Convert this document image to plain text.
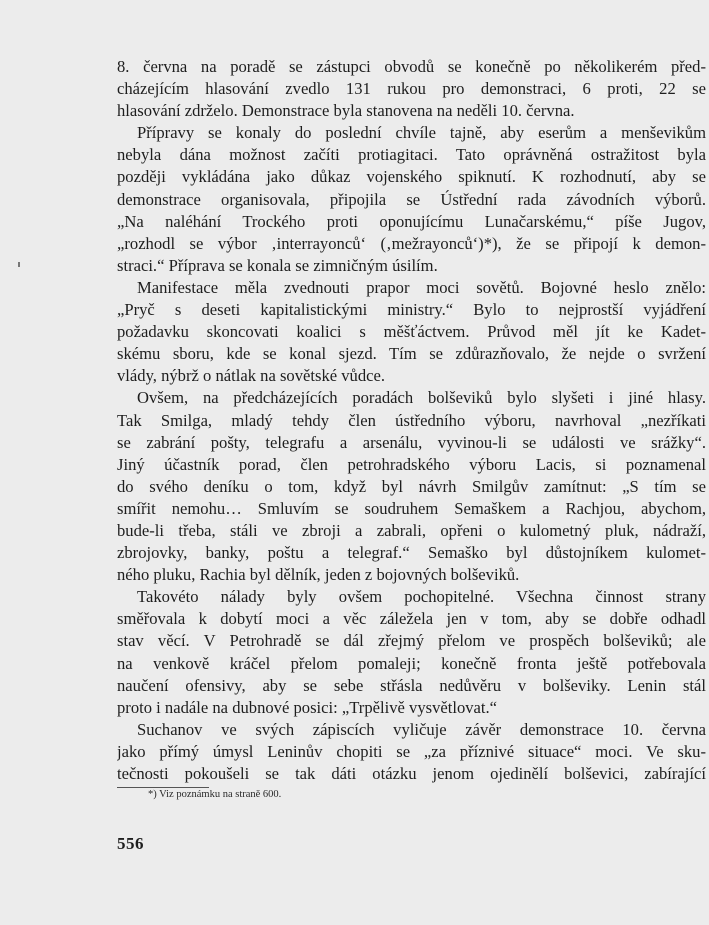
8. června na poradě se zástupci obvodů se konečně po několikerém před-
cházejícím hlasování zvedlo 131 rukou pro demonstraci, 6 proti, 22 se
hlasování zdrželo. Demonstrace byla stanovena na neděli 10. června.
Přípravy se konaly do poslední chvíle tajně, aby eserům a menševikům
nebyla dána možnost začíti protiagitaci. Tato oprávněná ostražitost byla
později vykládána jako důkaz vojenského spiknutí. K rozhodnutí, aby se
demonstrace organisovala, připojila se Ústřední rada závodních výborů.
„Na naléhání Trockého proti oponujícímu Lunačarskému,“ píše Jugov,
„rozhodl se výbor ‚interrayonců‘ (‚mežrayonců‘)*), že se připojí k demon-
straci.“ Příprava se konala se zimničným úsilím.
Manifestace měla zvednouti prapor moci sovětů. Bojovné heslo znělo:
„Pryč s deseti kapitalistickými ministry.“ Bylo to nejprostší vyjádření
požadavku skoncovati koalici s měšťáctvem. Průvod měl jít ke Kadet-
skému sboru, kde se konal sjezd. Tím se zdůrazňovalo, že nejde o svržení
vlády, nýbrž o nátlak na sovětské vůdce.
Ovšem, na předcházejících poradách bolševiků bylo slyšeti i jiné hlasy.
Tak Smilga, mladý tehdy člen ústředního výboru, navrhoval „nezříkati
se zabrání pošty, telegrafu a arsenálu, vyvinou-li se události ve srážky“.
Jiný účastník porad, člen petrohradského výboru Lacis, si poznamenal
do svého deníku o tom, když byl návrh Smilgův zamítnut: „S tím se
smířit nemohu… Smluvím se soudruhem Semaškem a Rachjou, abychom,
bude-li třeba, stáli ve zbroji a zabrali, opřeni o kulometný pluk, nádraží,
zbrojovky, banky, poštu a telegraf.“ Semaško byl důstojníkem kulomet-
ného pluku, Rachia byl dělník, jeden z bojovných bolševiků.
Takovéto nálady byly ovšem pochopitelné. Všechna činnost strany
směřovala k dobytí moci a věc záležela jen v tom, aby se dobře odhadl
stav věcí. V Petrohradě se dál zřejmý přelom ve prospěch bolševiků; ale
na venkově kráčel přelom pomaleji; konečně fronta ještě potřebovala
naučení ofensivy, aby se sebe střásla nedůvěru v bolševiky. Lenin stál
proto i nadále na dubnové posici: „Trpělivě vysvětlovat.“
Suchanov ve svých zápiscích vyličuje závěr demonstrace 10. června
jako přímý úmysl Leninův chopiti se „za příznivé situace“ moci. Ve sku-
tečnosti pokoušeli se tak dáti otázku jenom ojedinělí bolševici, zabírající
*) Viz poznámku na straně 600.
556
